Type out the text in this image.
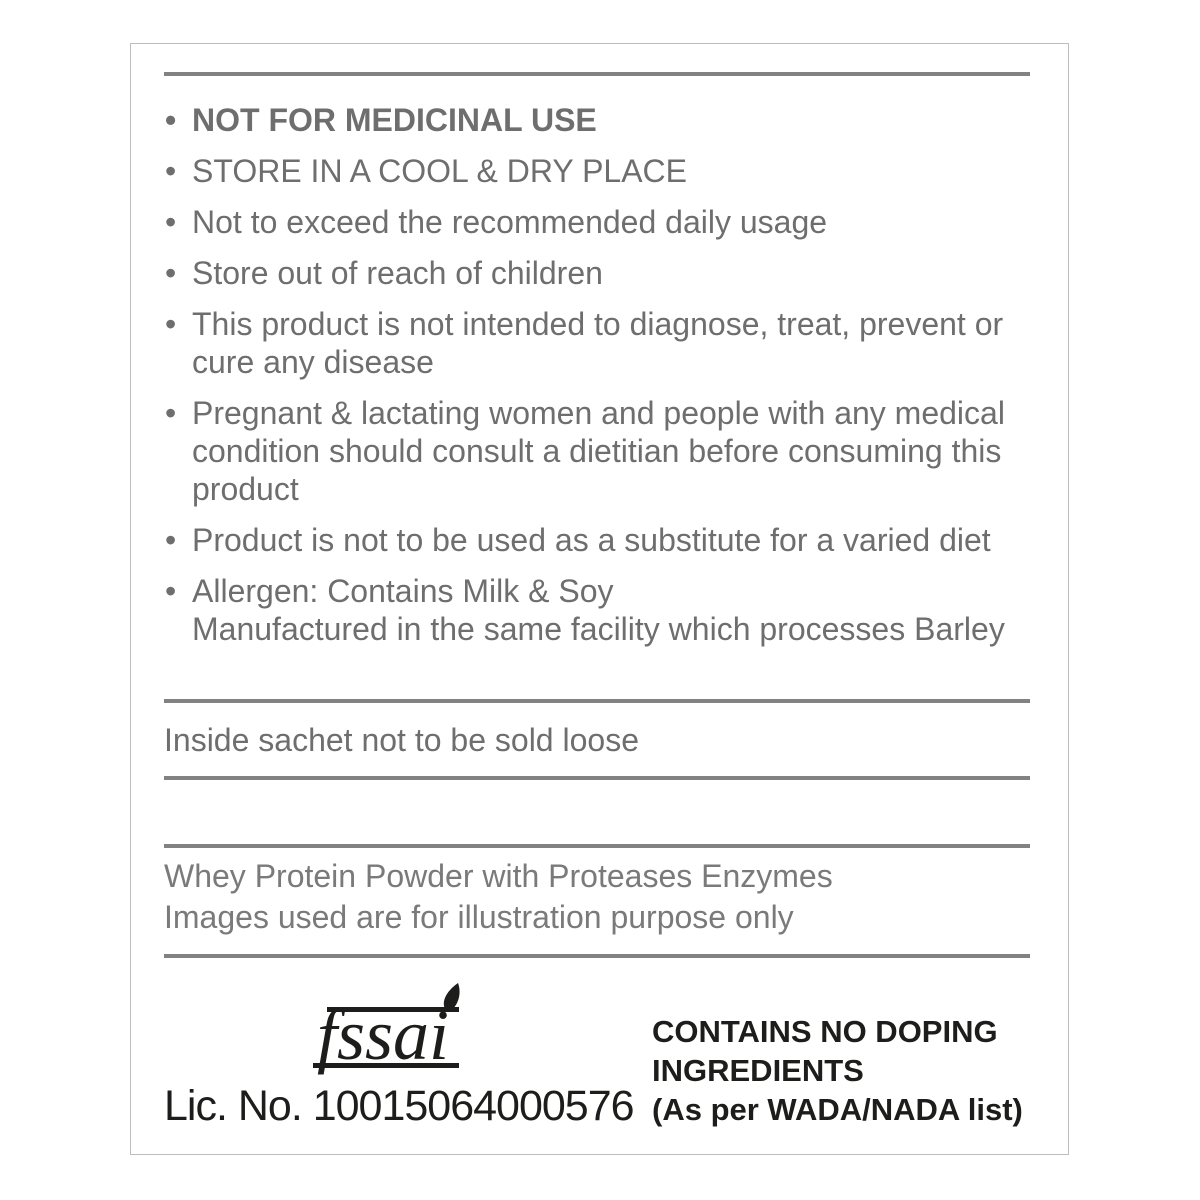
• NOT FOR MEDICINAL USE
• STORE IN A COOL & DRY PLACE
• Not to exceed the recommended daily usage
• Store out of reach of children
• This product is not intended to diagnose, treat, prevent or cure any disease
• Pregnant & lactating women and people with any medical condition should consult a dietitian before consuming this product
• Product is not to be used as a substitute for a varied diet
• Allergen: Contains Milk & Soy
Manufactured in the same facility which processes Barley
Inside sachet not to be sold loose
Whey Protein Powder with Proteases Enzymes
Images used are for illustration purpose only
fssai
Lic. No. 10015064000576
CONTAINS NO DOPING
INGREDIENTS
(As per WADA/NADA list)
